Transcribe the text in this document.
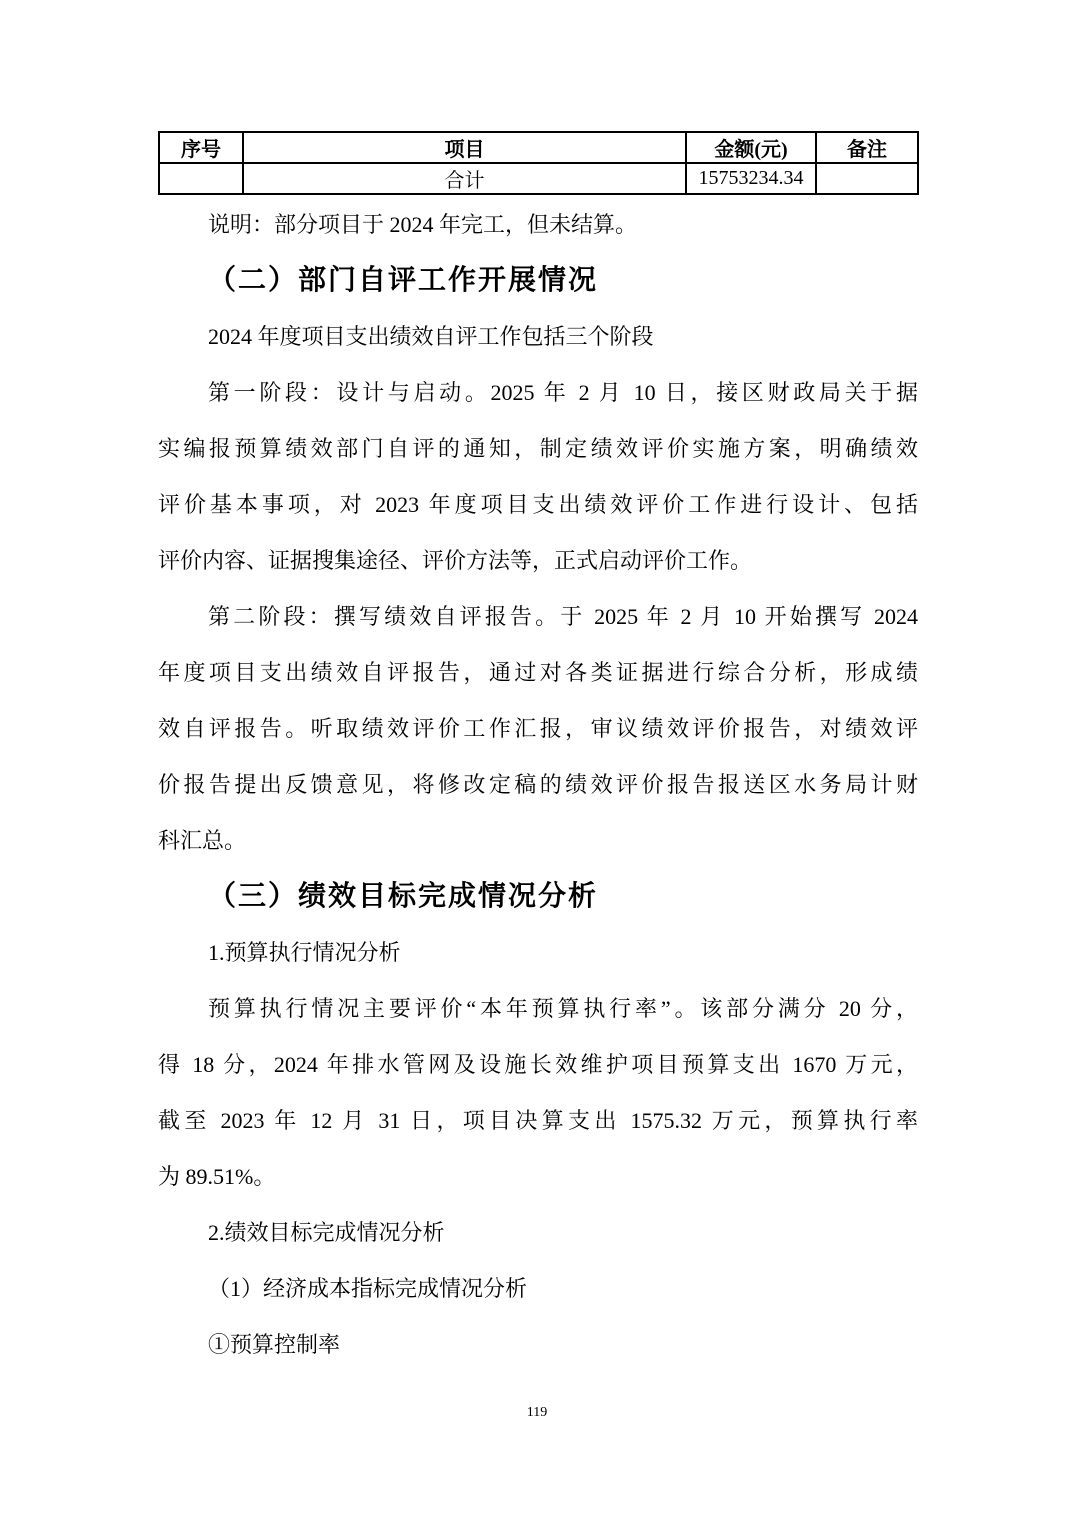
序号	项目	金额(元)	备注
	合计	15753234.34	
说明：部分项目于 2024 年完工，但未结算。
（二）部门自评工作开展情况
2024 年度项目支出绩效自评工作包括三个阶段
第一阶段：设计与启动。2025 年 2 月 10 日，接区财政局关于据
实编报预算绩效部门自评的通知，制定绩效评价实施方案，明确绩效
评价基本事项，对 2023 年度项目支出绩效评价工作进行设计、包括
评价内容、证据搜集途径、评价方法等，正式启动评价工作。
第二阶段：撰写绩效自评报告。于 2025 年 2 月 10 开始撰写 2024
年度项目支出绩效自评报告，通过对各类证据进行综合分析，形成绩
效自评报告。听取绩效评价工作汇报，审议绩效评价报告，对绩效评
价报告提出反馈意见，将修改定稿的绩效评价报告报送区水务局计财
科汇总。
（三）绩效目标完成情况分析
1.预算执行情况分析
预算执行情况主要评价“本年预算执行率”。该部分满分 20 分，
得 18 分，2024 年排水管网及设施长效维护项目预算支出 1670 万元，
截至 2023 年 12 月 31 日，项目决算支出 1575.32 万元，预算执行率
为 89.51%。
2.绩效目标完成情况分析
（1）经济成本指标完成情况分析
①预算控制率
119
